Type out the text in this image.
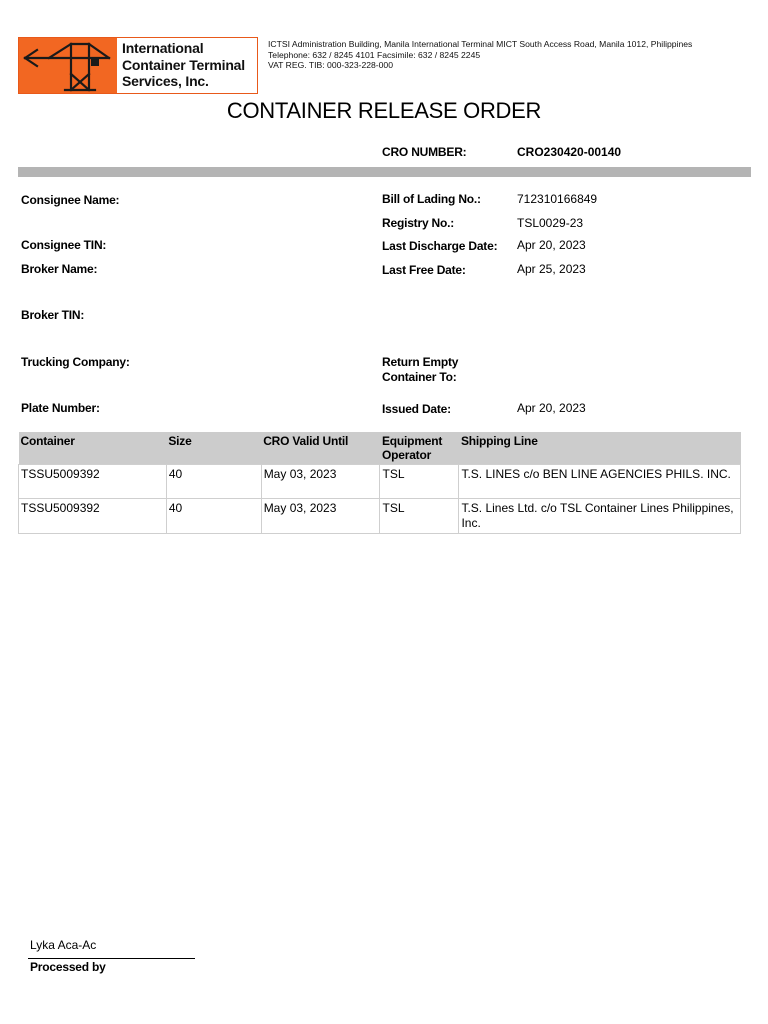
International
Container Terminal
Services, Inc.
ICTSI Administration Building, Manila International Terminal MICT South Access Road, Manila 1012, Philippines
Telephone: 632 / 8245 4101 Facsimile: 632 / 8245 2245
VAT REG. TIB: 000-323-228-000
CONTAINER RELEASE ORDER
CRO NUMBER:	CRO230420-00140
Consignee Name:
Consignee TIN:
Broker Name:
Broker TIN:
Trucking Company:
Plate Number:
Bill of Lading No.:	712310166849
Registry No.:	TSL0029-23
Last Discharge Date: Apr 20, 2023
Last Free Date:	Apr 25, 2023
Return Empty
Container To:
Issued Date:	Apr 20, 2023
Container	Size	CRO Valid Until	Equipment Operator	Shipping Line
TSSU5009392	40	May 03, 2023	TSL	T.S. LINES c/o BEN LINE AGENCIES PHILS. INC.
TSSU5009392	40	May 03, 2023	TSL	T.S. Lines Ltd. c/o TSL Container Lines Philippines, Inc.
Lyka Aca-Ac
Processed by
